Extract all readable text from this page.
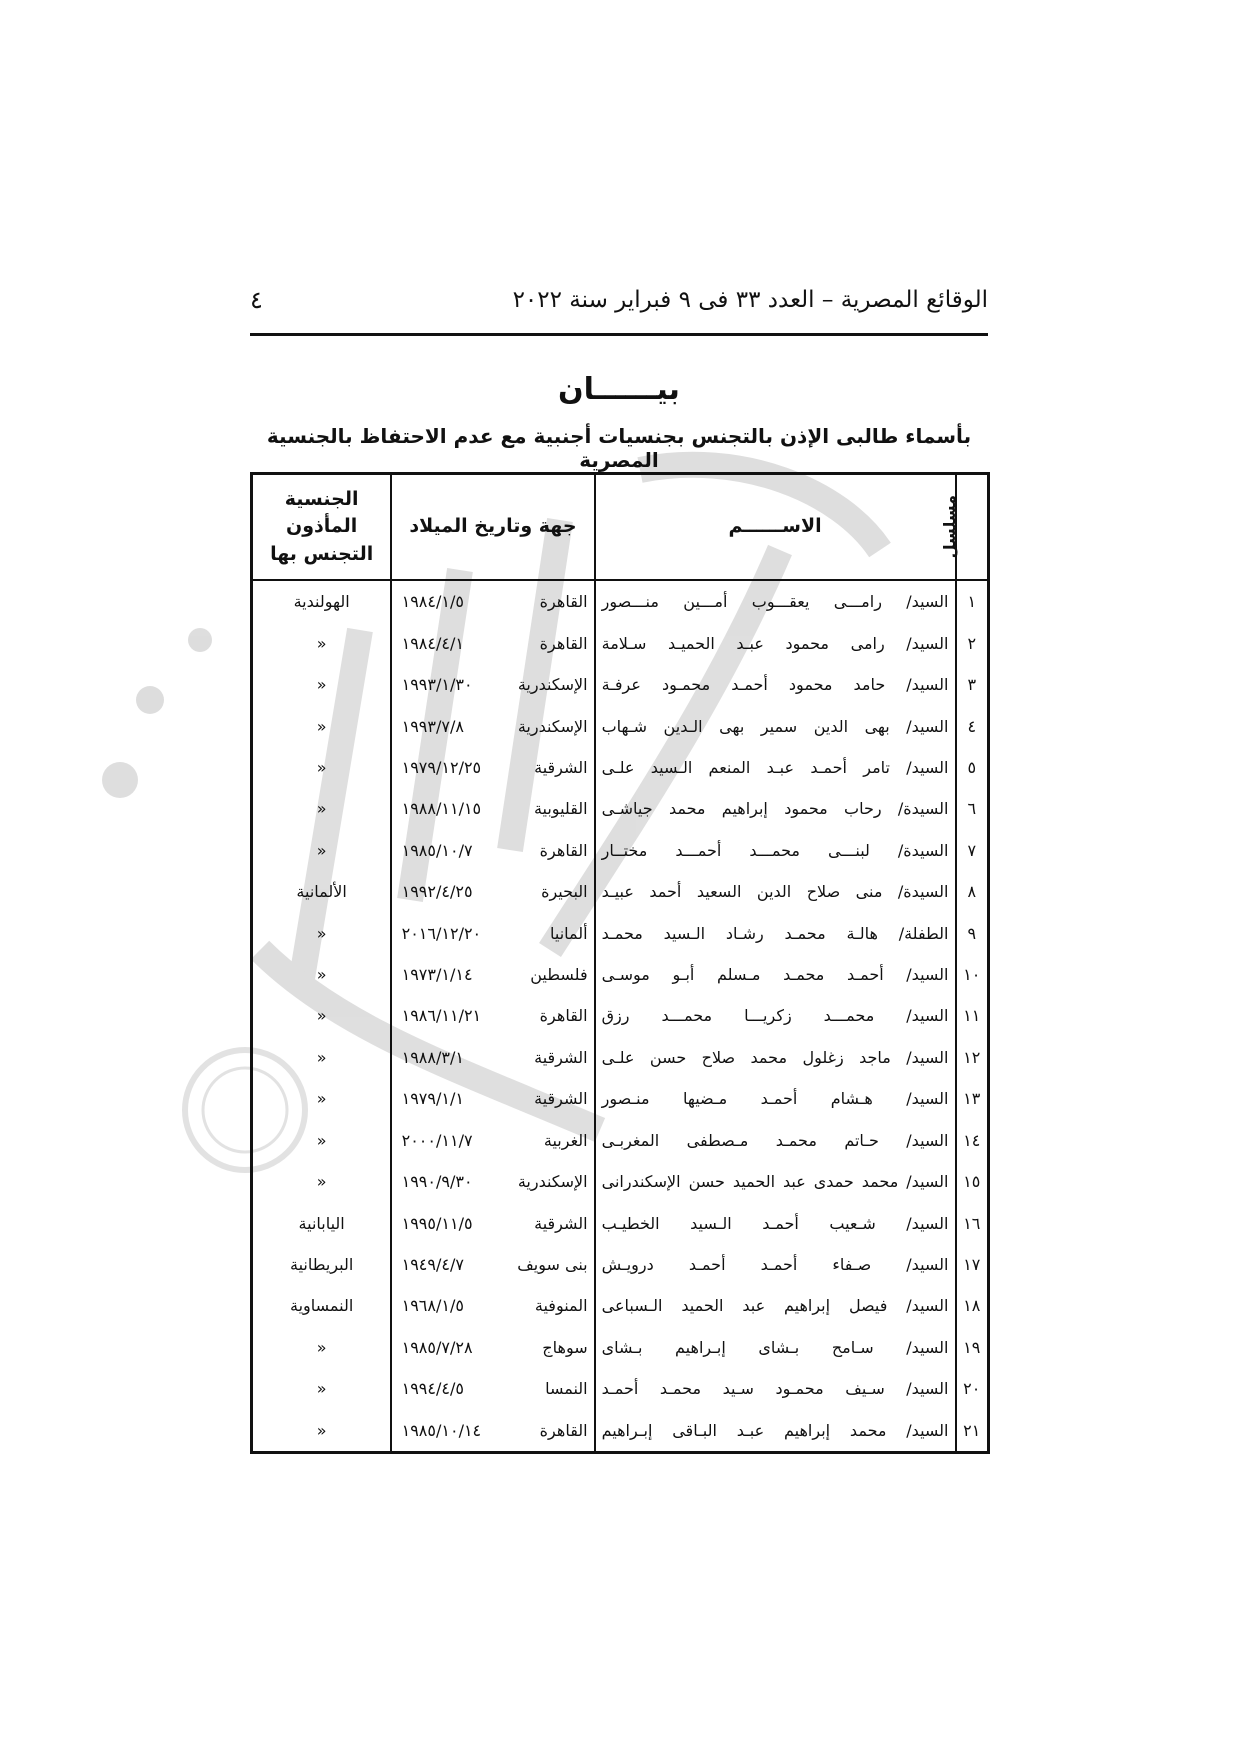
٤	الوقائع المصرية – العدد ٣٣ فى ٩ فبراير سنة ٢٠٢٢
بيــــــان
بأسماء طالبى الإذن بالتجنس بجنسيات أجنبية مع عدم الاحتفاظ بالجنسية المصرية
مسلسل	الاســــــم	جهة وتاريخ الميلاد	الجنسية المأذون
التجنس بها

١	السيد/ رامـــى يعقـــوب أمـــين منـــصور	القاهرة١٩٨٤/١/٥	الهولندية
٢	السيد/ رامى محمود عبـد الحميـد سـلامة	القاهرة١٩٨٤/٤/١	«
٣	السيد/ حامد محمود أحمـد محمـود عرفـة	الإسكندرية١٩٩٣/١/٣٠	«
٤	السيد/ بهى الدين سمير بهى الـدين شـهاب	الإسكندرية١٩٩٣/٧/٨	«
٥	السيد/ تامر أحمـد عبـد المنعم الـسيد علـى	الشرقية١٩٧٩/١٢/٢٥	«
٦	السيدة/ رحاب محمود إبراهيم محمد جياشـى	القليوبية١٩٨٨/١١/١٥	«
٧	السيدة/ لبنـــى محمـــد أحمـــد مختــار	القاهرة١٩٨٥/١٠/٧	«
٨	السيدة/ منى صلاح الدين السعيد أحمد عبيـد	البحيرة١٩٩٢/٤/٢٥	الألمانية
٩	الطفلة/ هالـة محمـد رشـاد الـسيد محمـد	ألمانيا٢٠١٦/١٢/٢٠	«
١٠	السيد/ أحمـد محمـد مـسلم أبـو موسـى	فلسطين١٩٧٣/١/١٤	«
١١	السيد/ محمـــد زكريـــا محمـــد رزق	القاهرة١٩٨٦/١١/٢١	«
١٢	السيد/ ماجد زغلول محمد صلاح حسن علـى	الشرقية١٩٨٨/٣/١	«
١٣	السيد/ هـشام أحمـد مـضيها منـصور	الشرقية١٩٧٩/١/١	«
١٤	السيد/ حـاتم محمـد مـصطفى المغربـى	الغربية٢٠٠٠/١١/٧	«
١٥	السيد/ محمد حمدى عبد الحميد حسن الإسكندرانى	الإسكندرية١٩٩٠/٩/٣٠	«
١٦	السيد/ شـعيب أحمـد الـسيد الخطيـب	الشرقية١٩٩٥/١١/٥	اليابانية
١٧	السيد/ صـفاء أحمـد أحمـد درويـش	بنى سويف١٩٤٩/٤/٧	البريطانية
١٨	السيد/ فيصل إبراهيم عبد الحميد الـسباعى	المنوفية١٩٦٨/١/٥	النمساوية
١٩	السيد/ سـامح بـشاى إبـراهيم بـشاى	سوهاج١٩٨٥/٧/٢٨	«
٢٠	السيد/ سـيف محمـود سـيد محمـد أحمـد	النمسا١٩٩٤/٤/٥	«
٢١	السيد/ محمد إبراهيم عبـد البـاقى إبـراهيم	القاهرة١٩٨٥/١٠/١٤	«
